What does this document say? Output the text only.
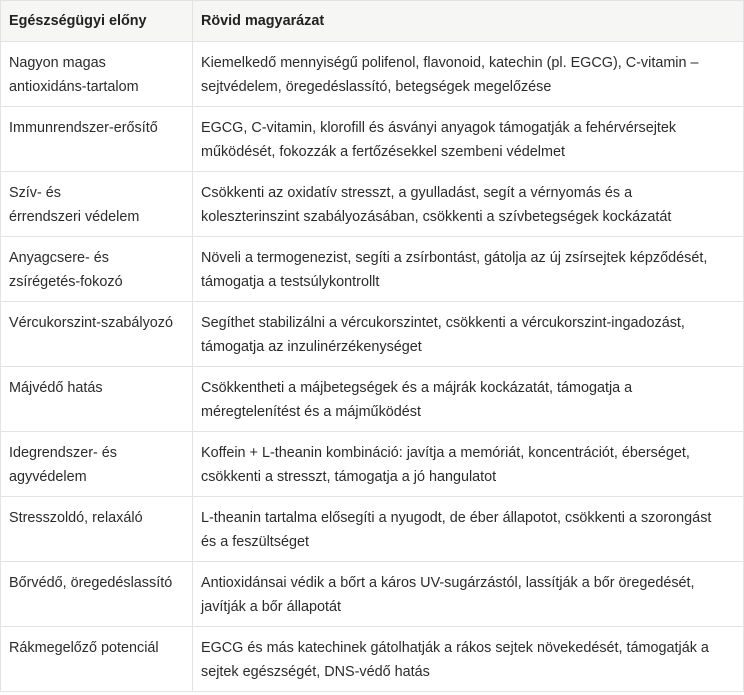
Egészségügyi előny	Rövid magyarázat

Nagyon magas
antioxidáns-tartalom	Kiemelkedő mennyiségű polifenol, flavonoid, katechin (pl. EGCG), C-vitamin –
sejtvédelem, öregedéslassító, betegségek megelőzése

Immunrendszer-erősítő	EGCG, C-vitamin, klorofill és ásványi anyagok támogatják a fehérvérsejtek
működését, fokozzák a fertőzésekkel szembeni védelmet

Szív- és
érrendszeri védelem	Csökkenti az oxidatív stresszt, a gyulladást, segít a vérnyomás és a
koleszterinszint szabályozásában, csökkenti a szívbetegségek kockázatát

Anyagcsere- és
zsírégetés-fokozó	Növeli a termogenezist, segíti a zsírbontást, gátolja az új zsírsejtek képződését,
támogatja a testsúlykontrollt

Vércukorszint-szabályozó	Segíthet stabilizálni a vércukorszintet, csökkenti a vércukorszint-ingadozást,
támogatja az inzulinérzékenységet

Májvédő hatás	Csökkentheti a májbetegségek és a májrák kockázatát, támogatja a
méregtelenítést és a májműködést

Idegrendszer- és
agyvédelem	Koffein + L-theanin kombináció: javítja a memóriát, koncentrációt, éberséget,
csökkenti a stresszt, támogatja a jó hangulatot

Stresszoldó, relaxáló	L-theanin tartalma elősegíti a nyugodt, de éber állapotot, csökkenti a szorongást
és a feszültséget

Bőrvédő, öregedéslassító	Antioxidánsai védik a bőrt a káros UV-sugárzástól, lassítják a bőr öregedését,
javítják a bőr állapotát

Rákmegelőző potenciál	EGCG és más katechinek gátolhatják a rákos sejtek növekedését, támogatják a
sejtek egészségét, DNS-védő hatás
